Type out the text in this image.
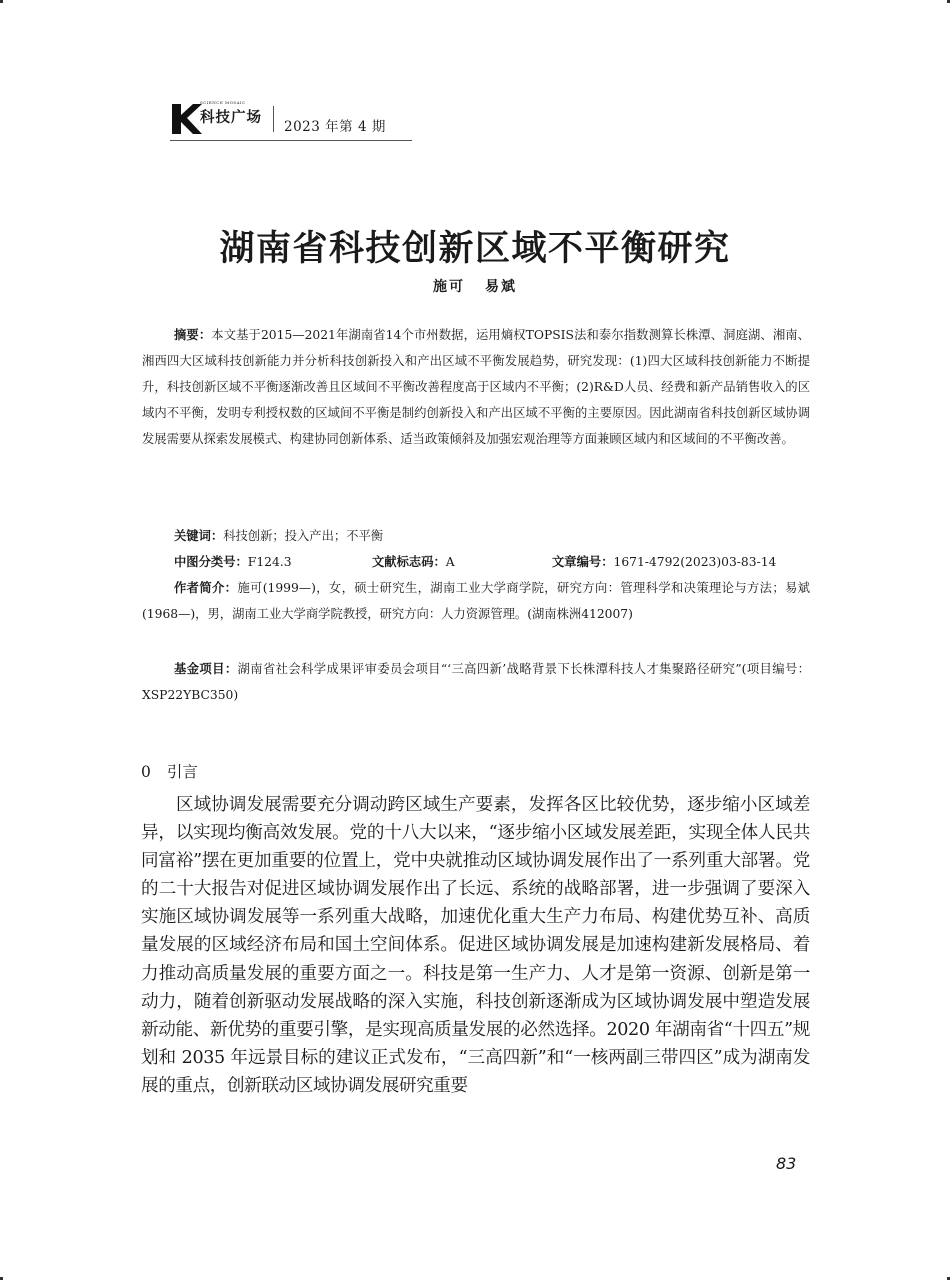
SCIENCE MOSAIC
科技广场
2023 年第 4 期
湖南省科技创新区域不平衡研究
施可 易斌
摘要：本文基于2015—2021年湖南省14个市州数据，运用熵权TOPSIS法和泰尔指数测算长株潭、洞庭湖、湘南、湘西四大区域科技创新能力并分析科技创新投入和产出区域不平衡发展趋势，研究发现：(1)四大区域科技创新能力不断提升，科技创新区域不平衡逐渐改善且区域间不平衡改善程度高于区域内不平衡；(2)R&D人员、经费和新产品销售收入的区域内不平衡，发明专利授权数的区域间不平衡是制约创新投入和产出区域不平衡的主要原因。因此湖南省科技创新区域协调发展需要从探索发展模式、构建协同创新体系、适当政策倾斜及加强宏观治理等方面兼顾区域内和区域间的不平衡改善。
关键词：科技创新；投入产出；不平衡
中图分类号：F124.3	文献标志码：A	文章编号：1671-4792(2023)03-83-14
作者简介：施可(1999—)，女，硕士研究生，湖南工业大学商学院，研究方向：管理科学和决策理论与方法；易斌(1968—)，男，湖南工业大学商学院教授，研究方向：人力资源管理。(湖南株洲412007)
基金项目：湖南省社会科学成果评审委员会项目“‘三高四新’战略背景下长株潭科技人才集聚路径研究”(项目编号：XSP22YBC350)
0 引言
区域协调发展需要充分调动跨区域生产要素，发挥各区比较优势，逐步缩小区域差异，以实现均衡高效发展。党的十八大以来，“逐步缩小区域发展差距，实现全体人民共同富裕”摆在更加重要的位置上，党中央就推动区域协调发展作出了一系列重大部署。党的二十大报告对促进区域协调发展作出了长远、系统的战略部署，进一步强调了要深入实施区域协调发展等一系列重大战略，加速优化重大生产力布局、构建优势互补、高质量发展的区域经济布局和国土空间体系。促进区域协调发展是加速构建新发展格局、着力推动高质量发展的重要方面之一。科技是第一生产力、人才是第一资源、创新是第一动力，随着创新驱动发展战略的深入实施，科技创新逐渐成为区域协调发展中塑造发展新动能、新优势的重要引擎，是实现高质量发展的必然选择。2020 年湖南省“十四五”规划和 2035 年远景目标的建议正式发布，“三高四新”和“一核两副三带四区”成为湖南发展的重点，创新联动区域协调发展研究重要
83
